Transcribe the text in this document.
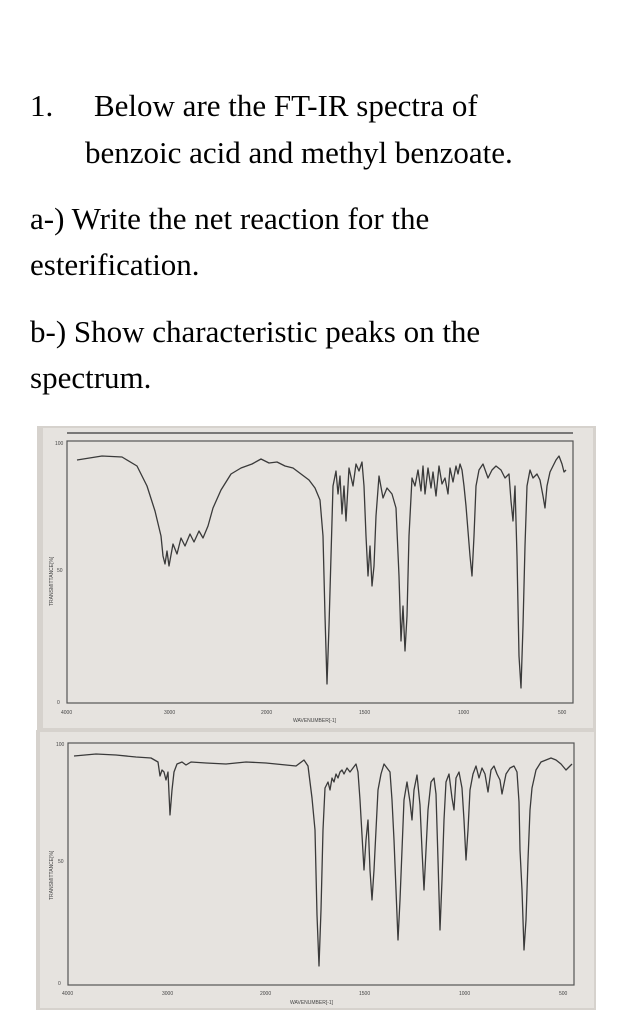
1. Below are the FT-IR spectra of
benzoic acid and methyl benzoate.
a-) Write the net reaction for the
esterification.
b-) Show characteristic peaks on the
spectrum.
100
50
0
TRANSMITTANCE[%]
4000	3000	2000	1500	1000	500
WAVENUMBER[-1]
100
50
0
TRANSMITTANCE[%]
4000	3000	2000	1500	1000	500
WAVENUMBER[-1]
